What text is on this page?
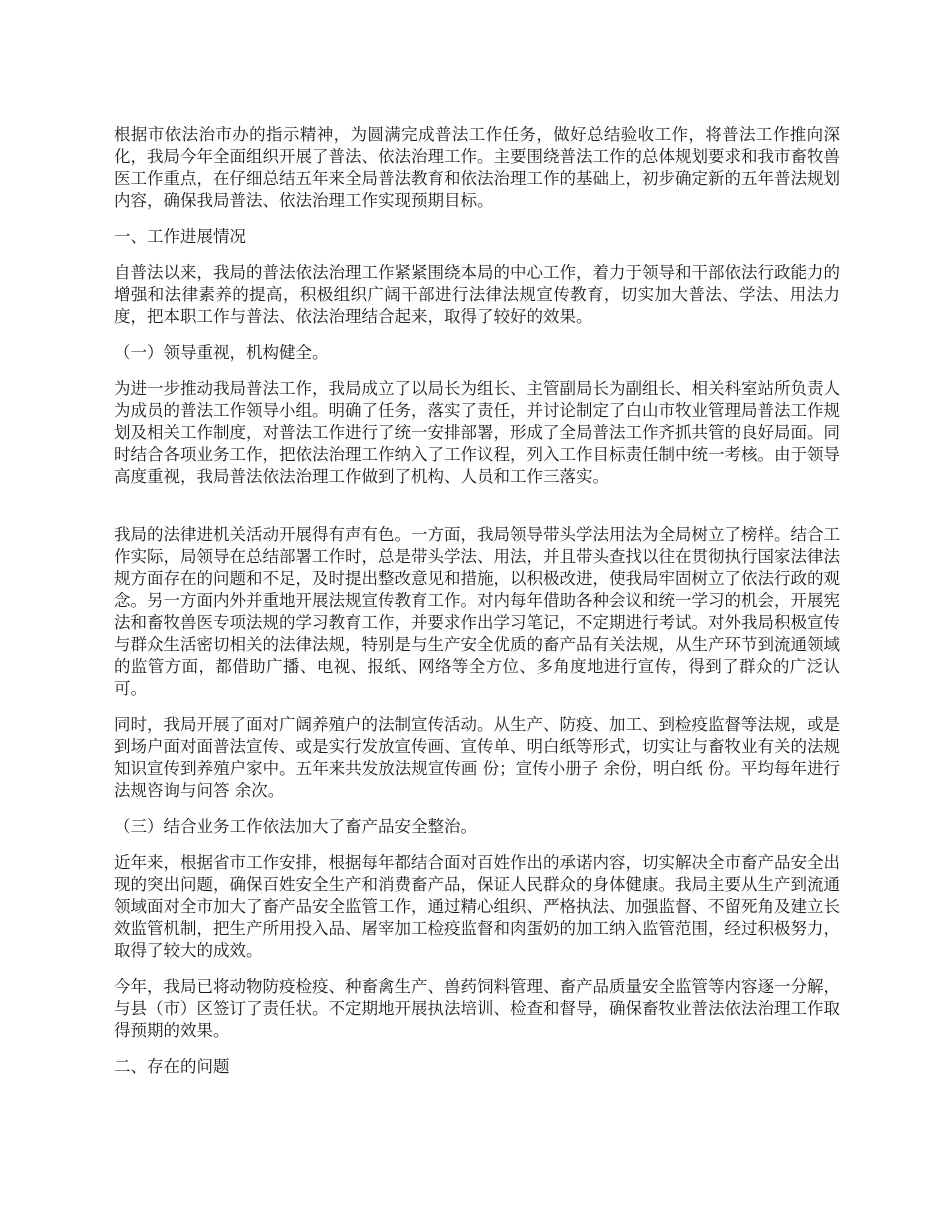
根据市依法治市办的指示精神，为圆满完成普法工作任务，做好总结验收工作，将普法工作推向深化，我局今年全面组织开展了普法、依法治理工作。主要围绕普法工作的总体规划要求和我市畜牧兽医工作重点，在仔细总结五年来全局普法教育和依法治理工作的基础上，初步确定新的五年普法规划内容，确保我局普法、依法治理工作实现预期目标。

一、工作进展情况

自普法以来，我局的普法依法治理工作紧紧围绕本局的中心工作，着力于领导和干部依法行政能力的增强和法律素养的提高，积极组织广阔干部进行法律法规宣传教育，切实加大普法、学法、用法力度，把本职工作与普法、依法治理结合起来，取得了较好的效果。

（一）领导重视，机构健全。

为进一步推动我局普法工作，我局成立了以局长为组长、主管副局长为副组长、相关科室站所负责人为成员的普法工作领导小组。明确了任务，落实了责任，并讨论制定了白山市牧业管理局普法工作规划及相关工作制度，对普法工作进行了统一安排部署，形成了全局普法工作齐抓共管的良好局面。同时结合各项业务工作，把依法治理工作纳入了工作议程，列入工作目标责任制中统一考核。由于领导高度重视，我局普法依法治理工作做到了机构、人员和工作三落实。

我局的法律进机关活动开展得有声有色。一方面，我局领导带头学法用法为全局树立了榜样。结合工作实际，局领导在总结部署工作时，总是带头学法、用法，并且带头查找以往在贯彻执行国家法律法规方面存在的问题和不足，及时提出整改意见和措施，以积极改进，使我局牢固树立了依法行政的观念。另一方面内外并重地开展法规宣传教育工作。对内每年借助各种会议和统一学习的机会，开展宪法和畜牧兽医专项法规的学习教育工作，并要求作出学习笔记，不定期进行考试。对外我局积极宣传与群众生活密切相关的法律法规，特别是与生产安全优质的畜产品有关法规，从生产环节到流通领域的监管方面，都借助广播、电视、报纸、网络等全方位、多角度地进行宣传，得到了群众的广泛认可。

同时，我局开展了面对广阔养殖户的法制宣传活动。从生产、防疫、加工、到检疫监督等法规，或是到场户面对面普法宣传、或是实行发放宣传画、宣传单、明白纸等形式，切实让与畜牧业有关的法规知识宣传到养殖户家中。五年来共发放法规宣传画 份；宣传小册子 余份，明白纸 份。平均每年进行法规咨询与问答 余次。

（三）结合业务工作依法加大了畜产品安全整治。

近年来，根据省市工作安排，根据每年都结合面对百姓作出的承诺内容，切实解决全市畜产品安全出现的突出问题，确保百姓安全生产和消费畜产品，保证人民群众的身体健康。我局主要从生产到流通领域面对全市加大了畜产品安全监管工作，通过精心组织、严格执法、加强监督、不留死角及建立长效监管机制，把生产所用投入品、屠宰加工检疫监督和肉蛋奶的加工纳入监管范围，经过积极努力，取得了较大的成效。

今年，我局已将动物防疫检疫、种畜禽生产、兽药饲料管理、畜产品质量安全监管等内容逐一分解，与县（市）区签订了责任状。不定期地开展执法培训、检查和督导，确保畜牧业普法依法治理工作取得预期的效果。

二、存在的问题
